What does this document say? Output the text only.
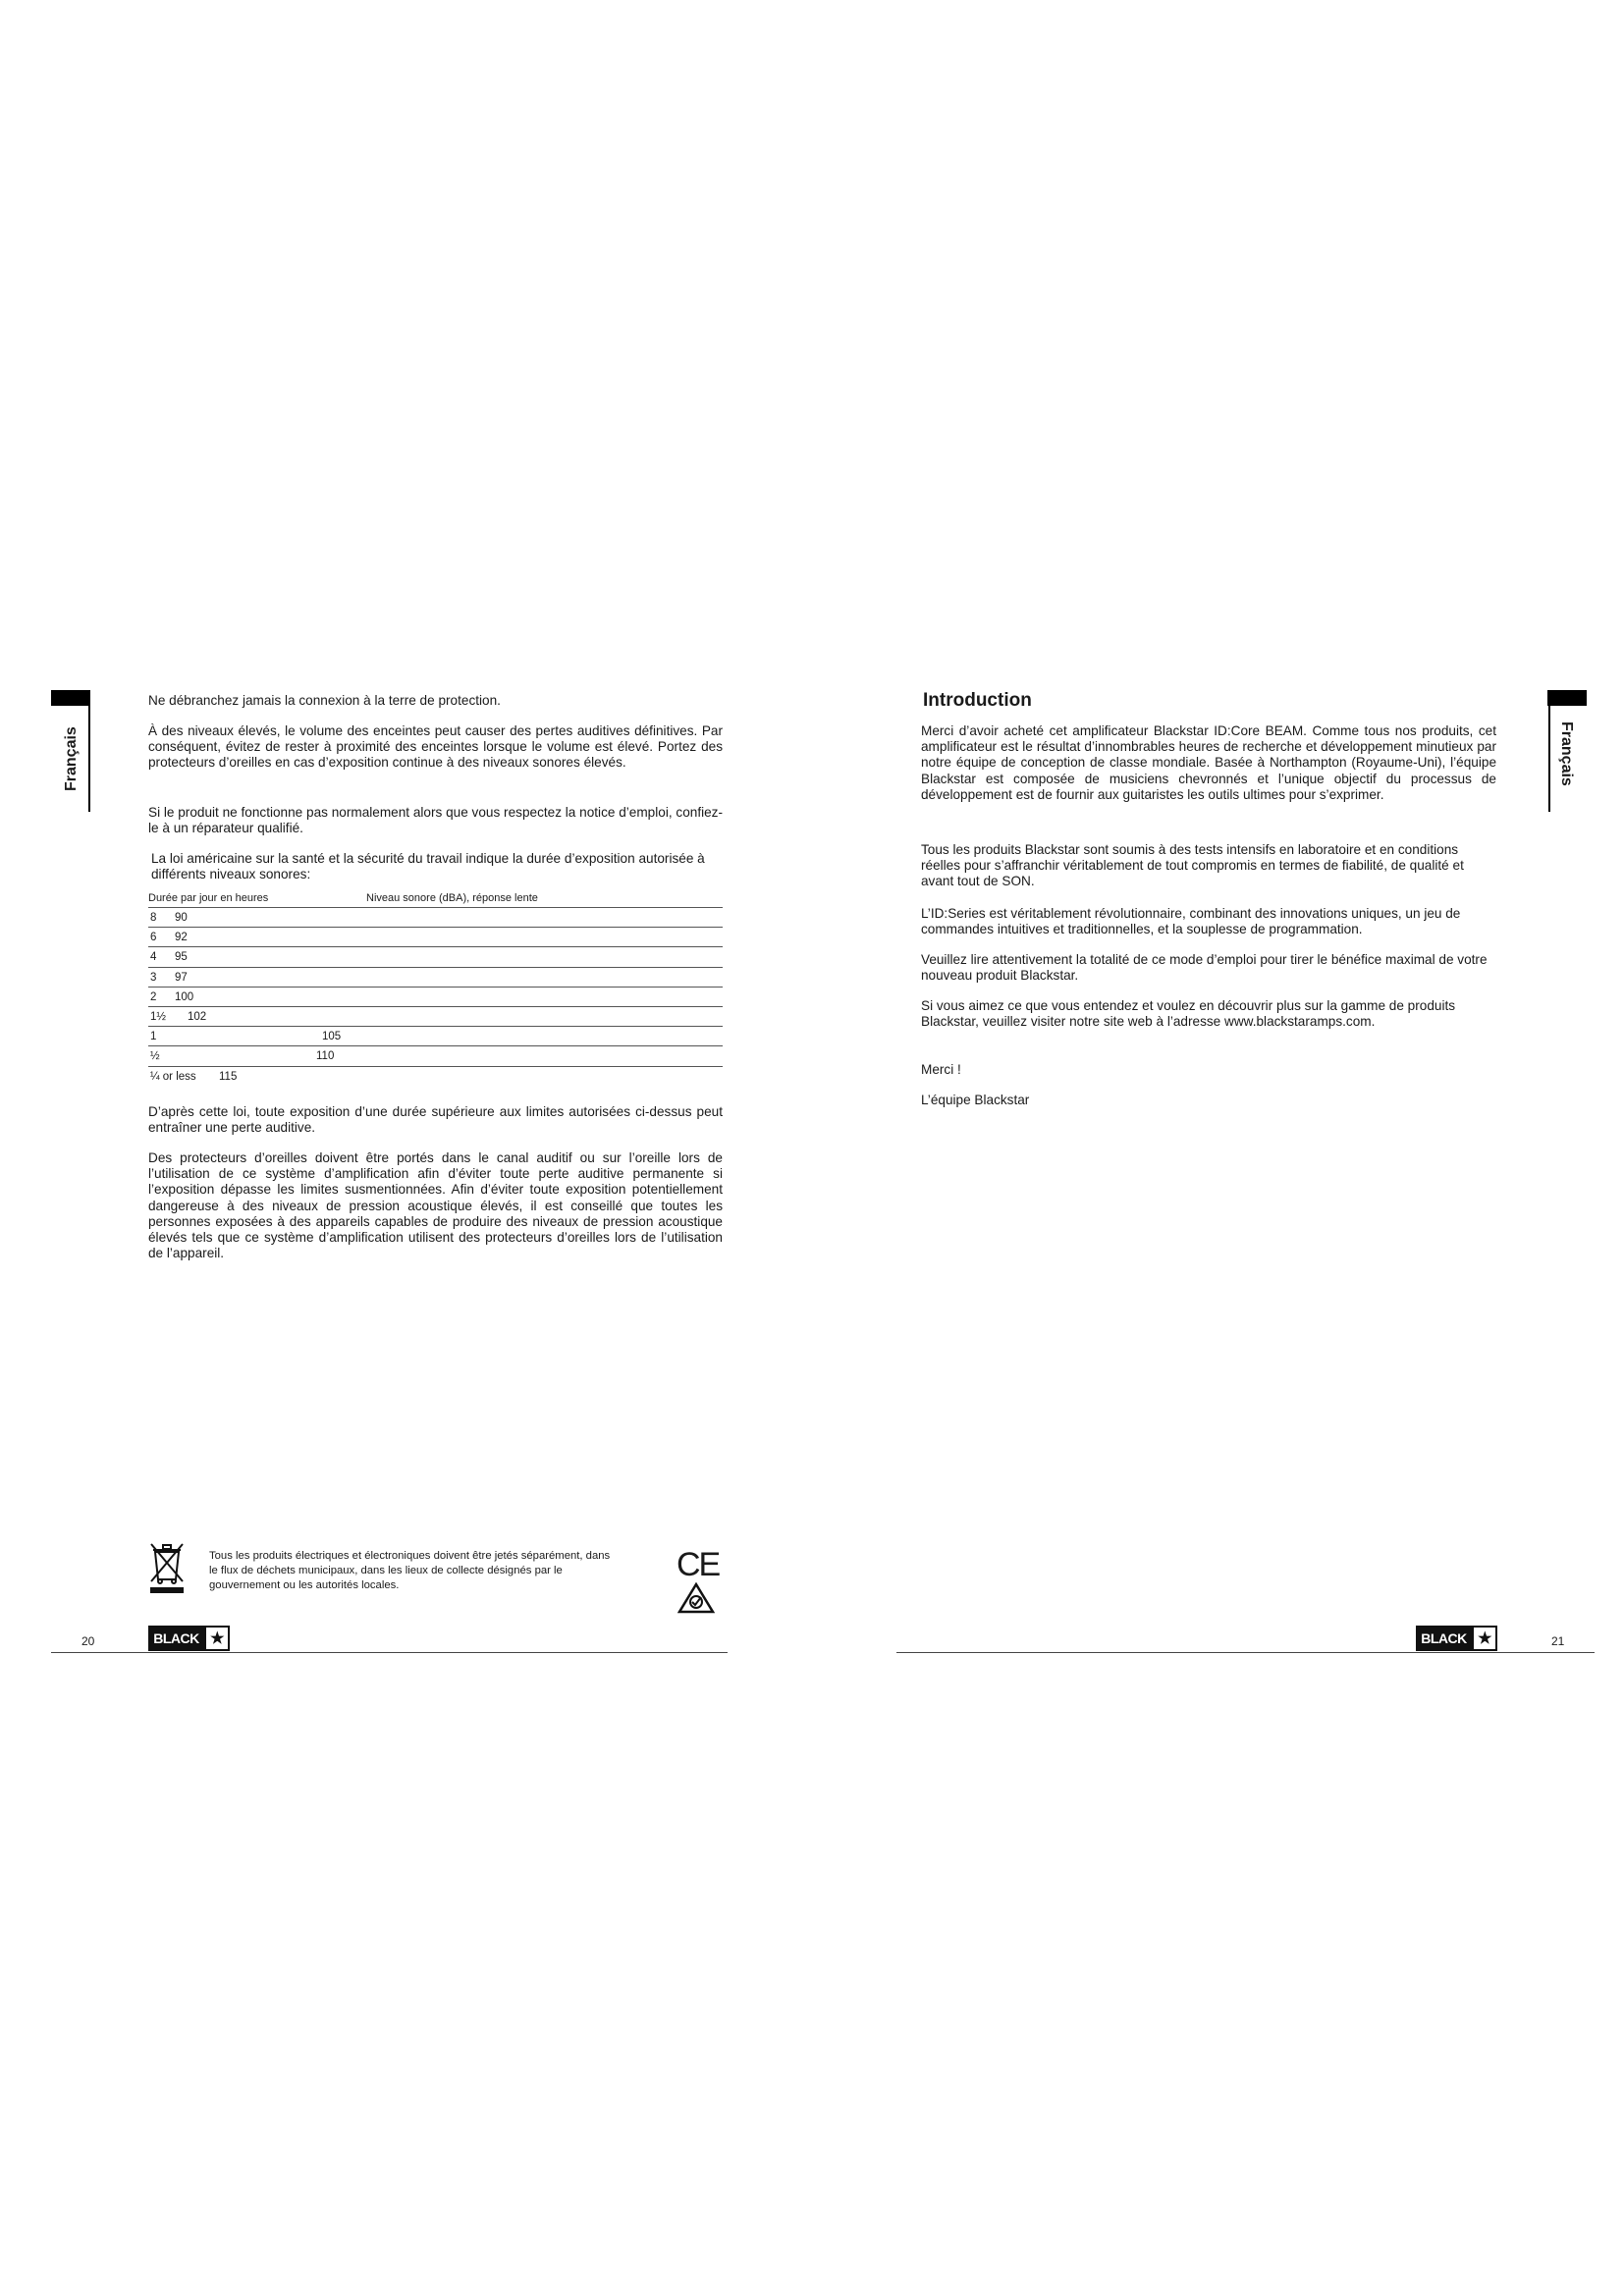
Français
Ne débranchez jamais la connexion à la terre de protection.
À des niveaux élevés, le volume des enceintes peut causer des pertes auditives définitives. Par conséquent, évitez de rester à proximité des enceintes lorsque le volume est élevé. Portez des protecteurs d’oreilles en cas d’exposition continue à des niveaux sonores élevés.
Si le produit ne fonctionne pas normalement alors que vous respectez la notice d’emploi, confiez-le à un réparateur qualifié.
La loi américaine sur la santé et la sécurité du travail indique la durée d’exposition autorisée à différents niveaux sonores:
Durée par jour en heures	Niveau sonore (dBA), réponse lente
8 90
6 92
4 95
3 97
2 100
1½ 102
1	105
½	110
¼ or less 115
D’après cette loi, toute exposition d’une durée supérieure aux limites autorisées ci-dessus peut entraîner une perte auditive.
Des protecteurs d’oreilles doivent être portés dans le canal auditif ou sur l’oreille lors de l’utilisation de ce système d’amplification afin d’éviter toute perte auditive permanente si l’exposition dépasse les limites susmentionnées. Afin d’éviter toute exposition potentiellement dangereuse à des niveaux de pression acoustique élevés, il est conseillé que toutes les personnes exposées à des appareils capables de produire des niveaux de pression acoustique élevés tels que ce système d’amplification utilisent des protecteurs d’oreilles lors de l’utilisation de l’appareil.
Tous les produits électriques et électroniques doivent être jetés séparément, dans le flux de déchets municipaux, dans les lieux de collecte désignés par le gouvernement ou les autorités locales.
CE
20	BLACK ★
Français
Introduction
Merci d’avoir acheté cet amplificateur Blackstar ID:Core BEAM. Comme tous nos produits, cet amplificateur est le résultat d’innombrables heures de recherche et développement minutieux par notre équipe de conception de classe mondiale. Basée à Northampton (Royaume-Uni), l’équipe Blackstar est composée de musiciens chevronnés et l’unique objectif du processus de développement est de fournir aux guitaristes les outils ultimes pour s’exprimer.
Tous les produits Blackstar sont soumis à des tests intensifs en laboratoire et en conditions réelles pour s’affranchir véritablement de tout compromis en termes de fiabilité, de qualité et avant tout de SON.
L’ID:Series est véritablement révolutionnaire, combinant des innovations uniques, un jeu de commandes intuitives et traditionnelles, et la souplesse de programmation.
Veuillez lire attentivement la totalité de ce mode d’emploi pour tirer le bénéfice maximal de votre nouveau produit Blackstar.
Si vous aimez ce que vous entendez et voulez en découvrir plus sur la gamme de produits Blackstar, veuillez visiter notre site web à l’adresse www.blackstaramps.com.
Merci !
L’équipe Blackstar
21
BLACK ★
